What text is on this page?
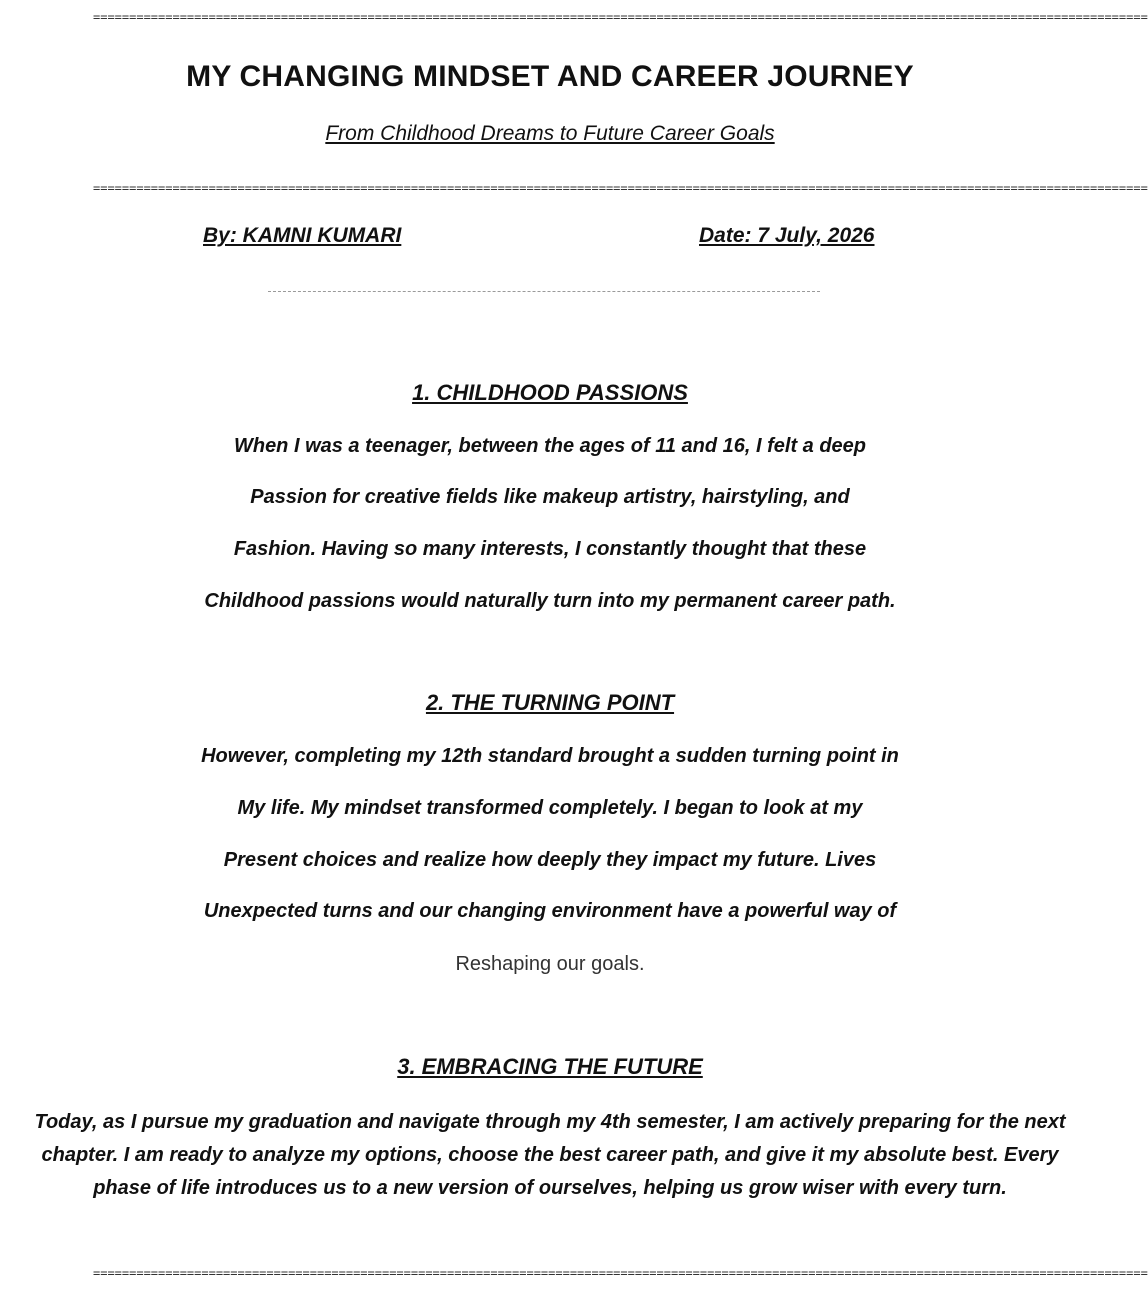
==================================================================================================================================================
MY CHANGING MINDSET AND CAREER JOURNEY
From Childhood Dreams to Future Career Goals
==================================================================================================================================================
By: KAMNI KUMARI	Date: 7 July, 2026
1. CHILDHOOD PASSIONS

When I was a teenager, between the ages of 11 and 16, I felt a deep

Passion for creative fields like makeup artistry, hairstyling, and

Fashion. Having so many interests, I constantly thought that these

Childhood passions would naturally turn into my permanent career path.

2. THE TURNING POINT

However, completing my 12th standard brought a sudden turning point in

My life. My mindset transformed completely. I began to look at my

Present choices and realize how deeply they impact my future. Lives

Unexpected turns and our changing environment have a powerful way of

Reshaping our goals.

3. EMBRACING THE FUTURE

Today, as I pursue my graduation and navigate through my 4th semester, I am actively preparing for the next chapter. I am ready to analyze my options, choose the best career path, and give it my absolute best. Every phase of life introduces us to a new version of ourselves, helping us grow wiser with every turn.

==================================================================================================================================================
